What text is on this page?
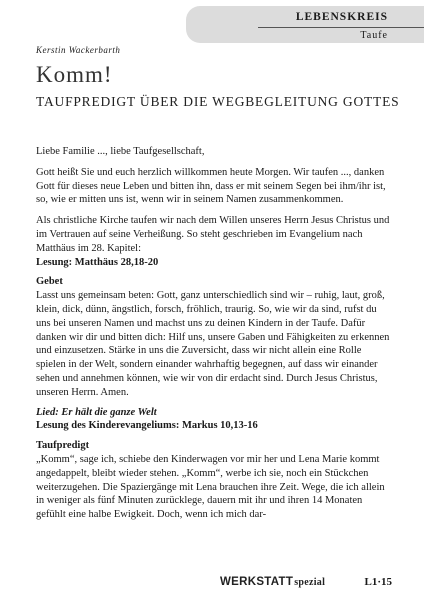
LEBENSKREIS
Taufe
Kerstin Wackerbarth
Komm!
TAUFPREDIGT ÜBER DIE WEGBEGLEITUNG GOTTES

Liebe Familie ..., liebe Taufgesellschaft,

Gott heißt Sie und euch herzlich willkommen heute Morgen. Wir taufen ..., danken Gott für dieses neue Leben und bitten ihn, dass er mit seinem Segen bei ihm/ihr ist, so, wie er mitten uns ist, wenn wir in seinem Namen zusammenkommen.

Als christliche Kirche taufen wir nach dem Willen unseres Herrn Jesus Christus und im Vertrauen auf seine Verheißung. So steht geschrieben im Evangelium nach Matthäus im 28. Kapitel:
Lesung: Matthäus 28,18-20

Gebet
Lasst uns gemeinsam beten: Gott, ganz unterschiedlich sind wir – ruhig, laut, groß, klein, dick, dünn, ängstlich, forsch, fröhlich, traurig. So, wie wir da sind, rufst du uns bei unseren Namen und machst uns zu deinen Kindern in der Taufe. Dafür danken wir dir und bitten dich: Hilf uns, unsere Gaben und Fähigkeiten zu erkennen und einzusetzen. Stärke in uns die Zuversicht, dass wir nicht allein eine Rolle spielen in der Welt, sondern einander wahrhaftig begegnen, auf dass wir einander sehen und annehmen können, wie wir von dir erdacht sind. Durch Jesus Christus, unseren Herrn. Amen.

Lied: Er hält die ganze Welt
Lesung des Kinderevangeliums: Markus 10,13-16

Taufpredigt
„Komm“, sage ich, schiebe den Kinderwagen vor mir her und Lena Marie kommt angedappelt, bleibt wieder stehen. „Komm“, werbe ich sie, noch ein Stückchen weiterzugehen. Die Spaziergänge mit Lena brauchen ihre Zeit. Wege, die ich allein in weniger als fünf Minuten zurücklege, dauern mit ihr und ihren 14 Monaten gefühlt eine halbe Ewigkeit. Doch, wenn ich mich dar-

WERKSTATTspezial	L1·15
